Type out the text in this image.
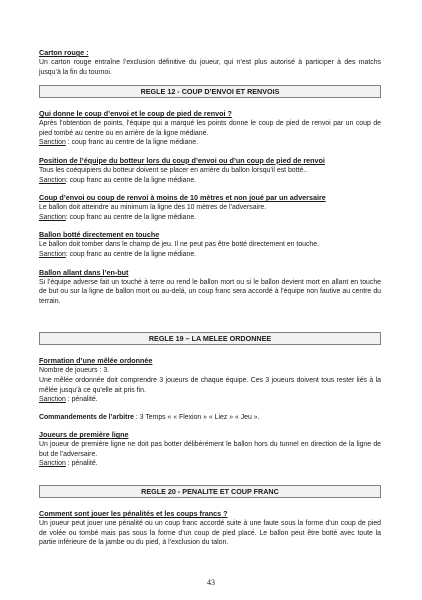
Carton rouge :

Un carton rouge entraîne l’exclusion définitive du joueur, qui n’est plus autorisé à participer à des matchs jusqu’à la fin du tournoi.

REGLE 12 - COUP D’ENVOI ET RENVOIS

Qui donne le coup d’envoi et le coup de pied de renvoi ?

Après l’obtention de points, l’équipe qui a marqué les points donne le coup de pied de renvoi par un coup de pied tombé au centre ou en arrière de la ligne médiane.

Sanction : coup franc au centre de la ligne médiane.

Position de l’équipe du botteur lors du coup d’envoi ou d’un coup de pied de renvoi

Tous les coéquipiers du botteur doivent se placer en arrière du ballon lorsqu’il est botté..

Sanction: coup franc au centre de la ligne médiane.

Coup d’envoi ou coup de renvoi à moins de 10 mètres et non joué par un adversaire

Le ballon doit atteindre au minimum la ligne des 10 mètres de l’adversaire.

Sanction: coup franc au centre de la ligne médiane.

Ballon botté directement en touche

Le ballon doit tomber dans le champ de jeu. Il ne peut pas être botté directement en touche.

Sanction: coup franc au centre de la ligne médiane.

Ballon allant dans l’en-but

Si l’équipe adverse fait un touché à terre ou rend le ballon mort ou si le ballon devient mort en allant en touche de but ou sur la ligne de ballon mort ou au-delà, un coup franc sera accordé à l’équipe non fautive au centre du terrain.

REGLE 19 – LA MELEE ORDONNEE

Formation d’une mêlée ordonnée

Nombre de joueurs : 3.

Une mêlée ordonnée doit comprendre 3 joueurs de chaque équipe. Ces 3 joueurs doivent tous rester liés à la mêlée jusqu’à ce qu’elle ait pris fin.

Sanction : pénalité.

Commandements de l’arbitre : 3 Temps « « Flexion » « Liez » « Jeu ».

Joueurs de première ligne

Un joueur de première ligne ne doit pas botter délibérément le ballon hors du tunnel en direction de la ligne de but de l’adversaire.

Sanction : pénalité.

REGLE 20 - PENALITE ET COUP FRANC

Comment sont jouer les pénalités et les coups francs ?

Un joueur peut jouer une pénalité ou un coup franc accordé suite à une faute sous la forme d’un coup de pied de volée ou tombé mais pas sous la forme d’un coup de pied placé. Le ballon peut être botté avec toute la partie inférieure de la jambe ou du pied, à l’exclusion du talon.

43
